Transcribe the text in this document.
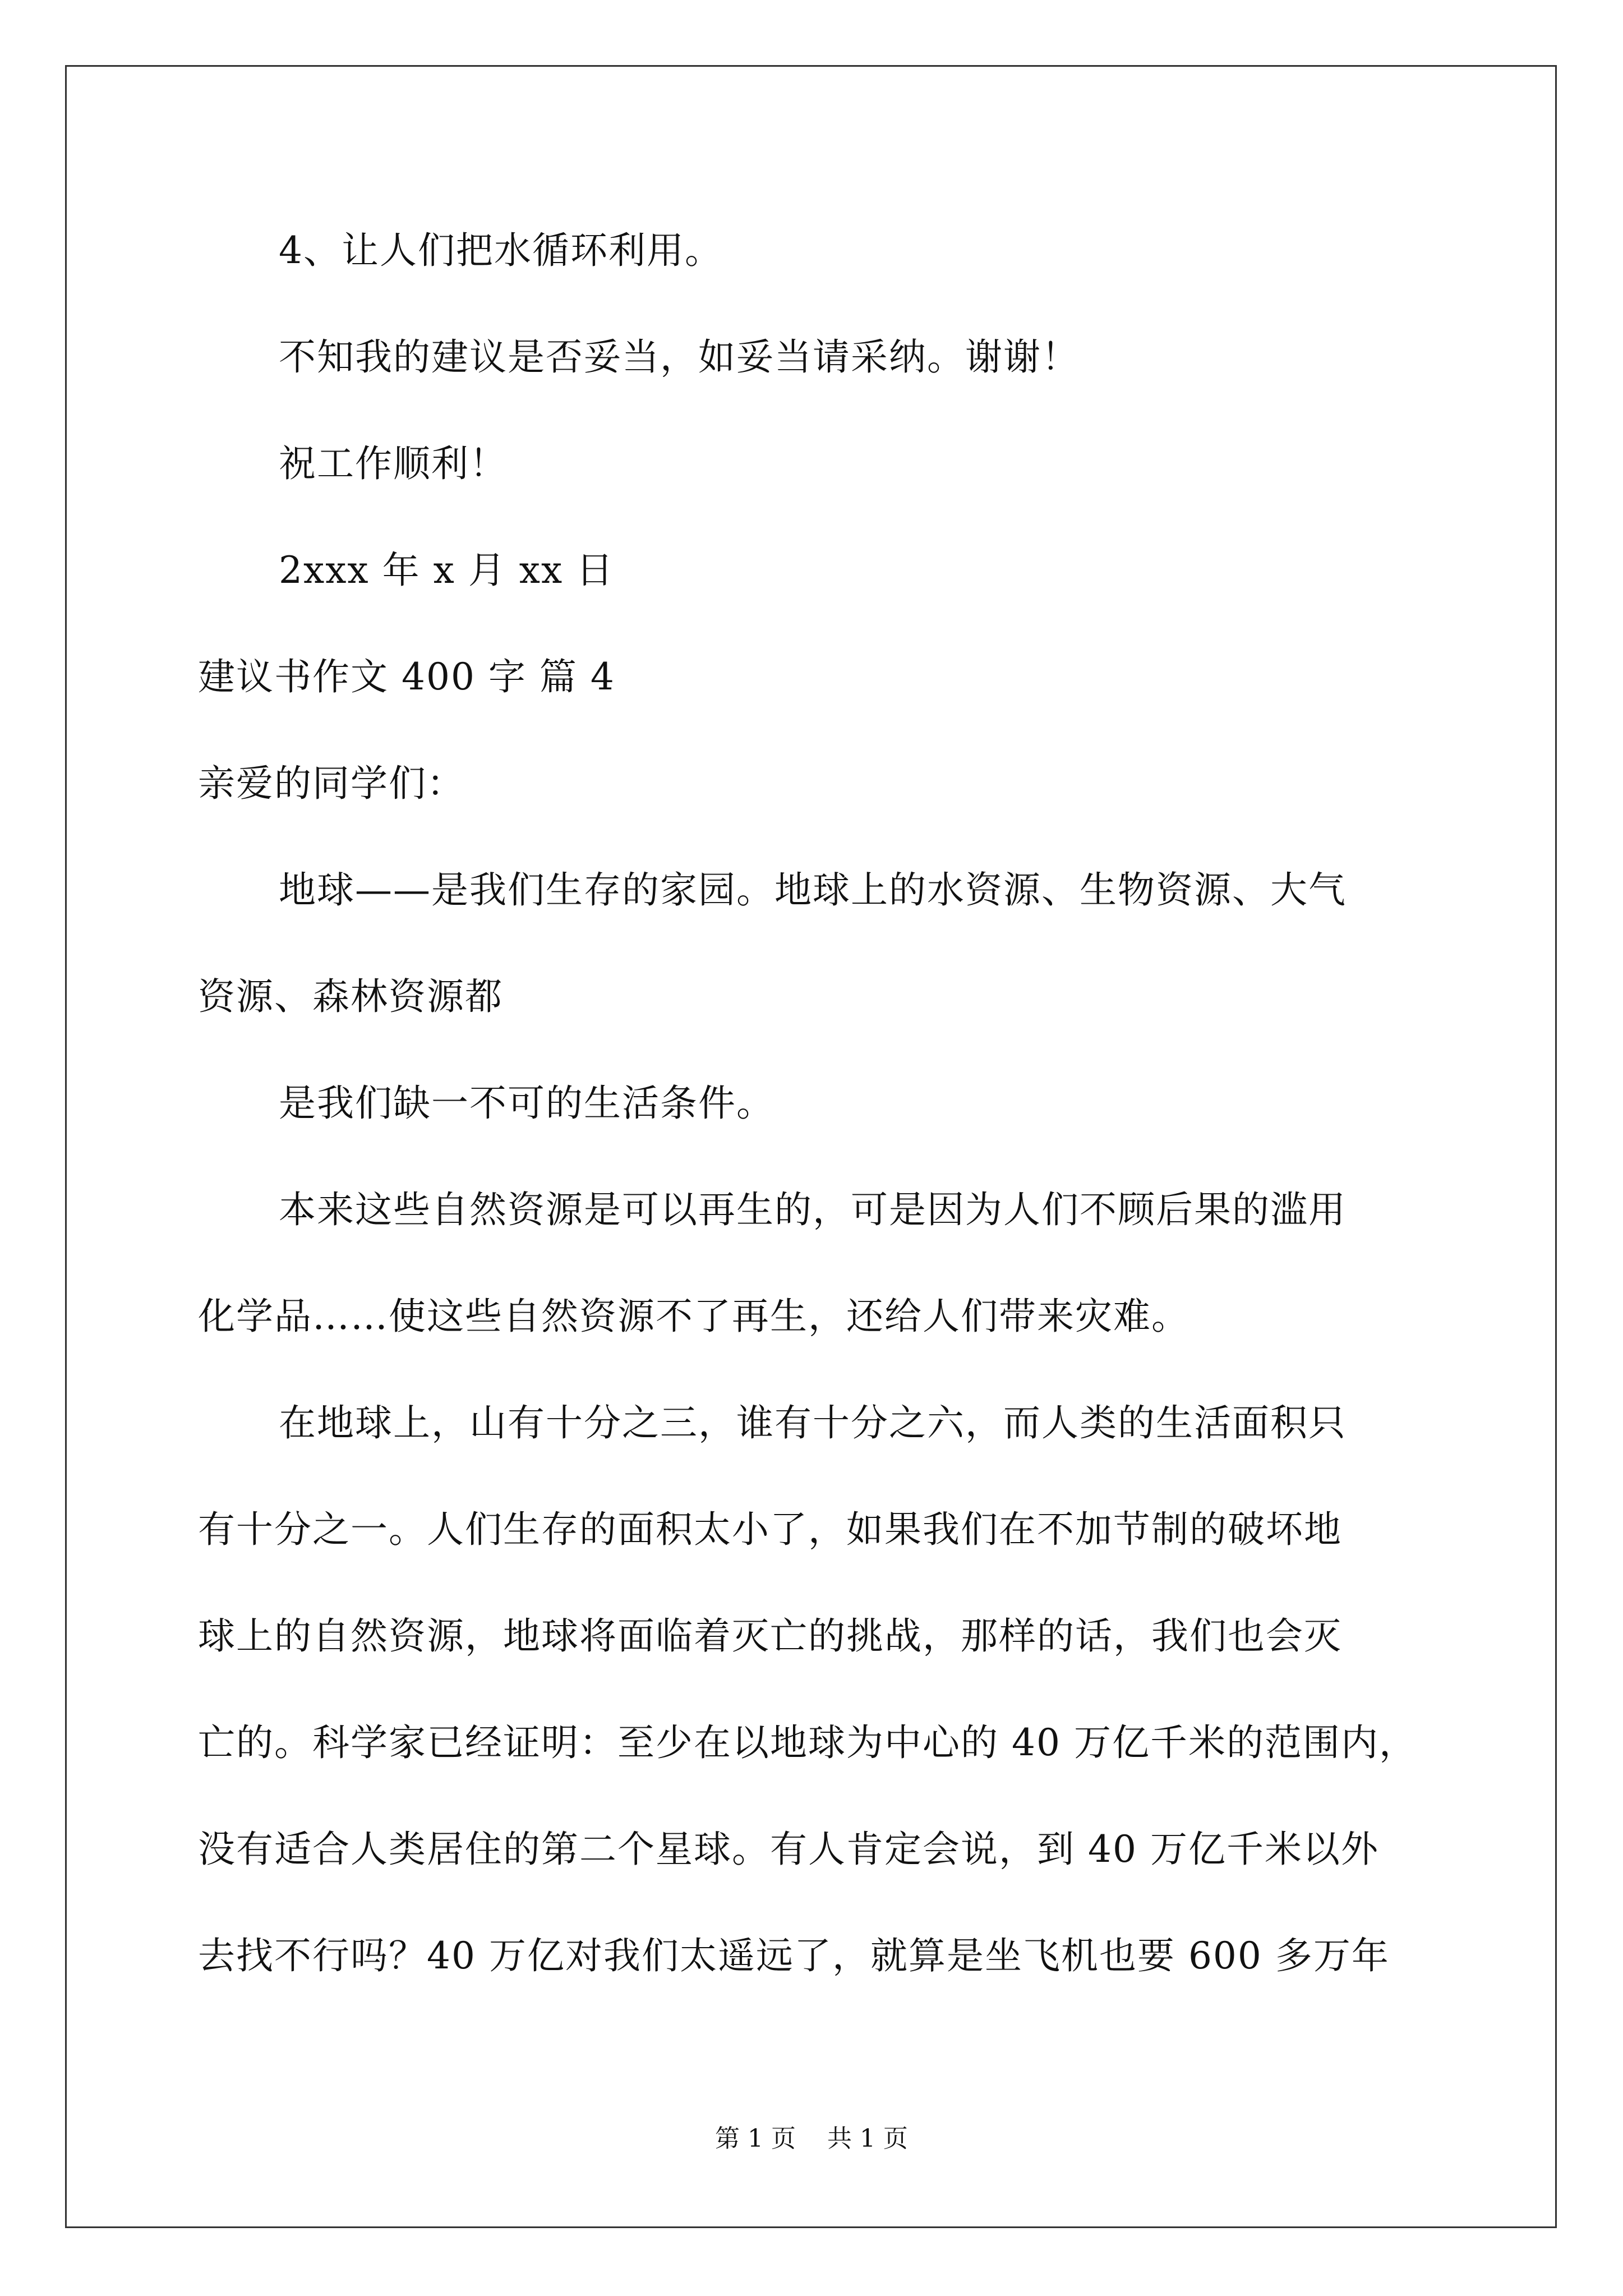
4、让人们把水循环利用。
不知我的建议是否妥当，如妥当请采纳。谢谢！
祝工作顺利！
2xxx 年 x 月 xx 日
建议书作文 400 字 篇 4
亲爱的同学们：
地球——是我们生存的家园。地球上的水资源、生物资源、大气
资源、森林资源都
是我们缺一不可的生活条件。
本来这些自然资源是可以再生的，可是因为人们不顾后果的滥用
化学品……使这些自然资源不了再生，还给人们带来灾难。
在地球上，山有十分之三，谁有十分之六，而人类的生活面积只
有十分之一。人们生存的面积太小了，如果我们在不加节制的破坏地
球上的自然资源，地球将面临着灭亡的挑战，那样的话，我们也会灭
亡的。科学家已经证明：至少在以地球为中心的 40 万亿千米的范围内，
没有适合人类居住的第二个星球。有人肯定会说，到 40 万亿千米以外
去找不行吗？40 万亿对我们太遥远了，就算是坐飞机也要 600 多万年
第 1 页    共 1 页
